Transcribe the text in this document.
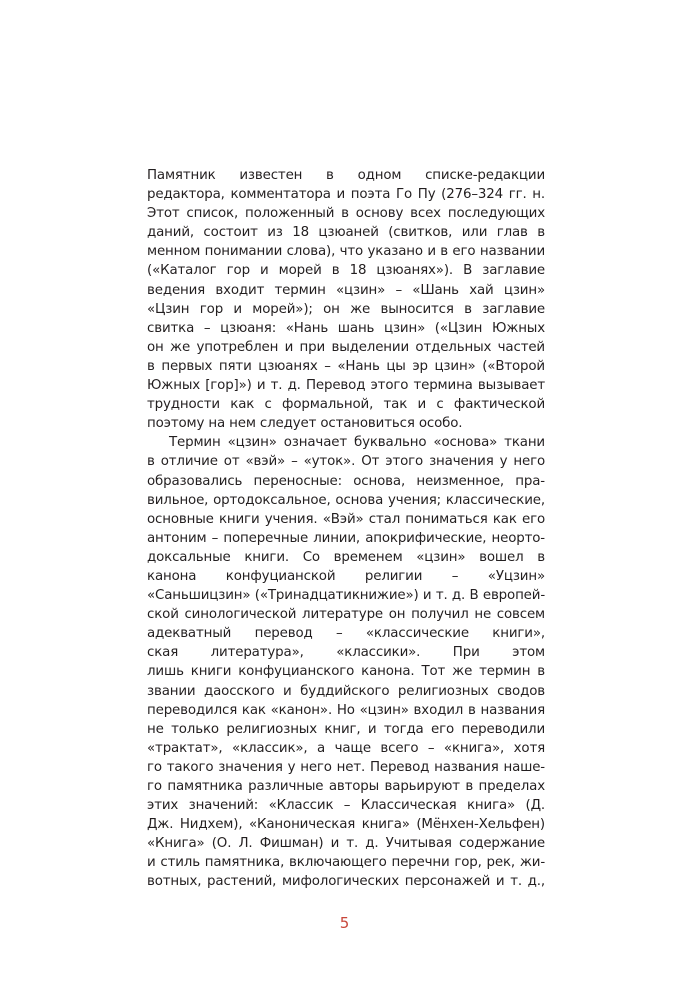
Памятник известен в одном списке-редакции
редактора, комментатора и поэта Го Пу (276–324 гг. н.
Этот список, положенный в основу всех последующих
даний, состоит из 18 цзюаней (свитков, или глав в
менном понимании слова), что указано и в его названии
(«Каталог гор и морей в 18 цзюанях»). В заглавие
ведения входит термин «цзин» – «Шань хай цзин»
«Цзин гор и морей»); он же выносится в заглавие
свитка – цзюаня: «Нань шань цзин» («Цзин Южных
он же употреблен и при выделении отдельных частей
в первых пяти цзюанях – «Нань цы эр цзин» («Второй
Южных [гор]») и т. д. Перевод этого термина вызывает
трудности как с формальной, так и с фактической
поэтому на нем следует остановиться особо.
Термин «цзин» означает буквально «основа» ткани
в отличие от «вэй» – «уток». От этого значения у него
образовались переносные: основа, неизменное, пра-
вильное, ортодоксальное, основа учения; классические,
основные книги учения. «Вэй» стал пониматься как его
антоним – поперечные линии, апокрифические, неорто-
доксальные книги. Со временем «цзин» вошел в
канона конфуцианской религии – «Уцзин»
«Саньшицзин» («Тринадцатикнижие») и т. д. В европей-
ской синологической литературе он получил не совсем
адекватный перевод – «классические книги»,
ская литература», «классики». При этом
лишь книги конфуцианского канона. Тот же термин в
звании даосского и буддийского религиозных сводов
переводился как «канон». Но «цзин» входил в названия
не только религиозных книг, и тогда его переводили
«трактат», «классик», а чаще всего – «книга», хотя
го такого значения у него нет. Перевод названия наше-
го памятника различные авторы варьируют в пределах
этих значений: «Классик – Классическая книга» (Д.
Дж. Нидхем), «Каноническая книга» (Мёнхен-Хельфен)
«Книга» (О. Л. Фишман) и т. д. Учитывая содержание
и стиль памятника, включающего перечни гор, рек, жи-
вотных, растений, мифологических персонажей и т. д.,
5
